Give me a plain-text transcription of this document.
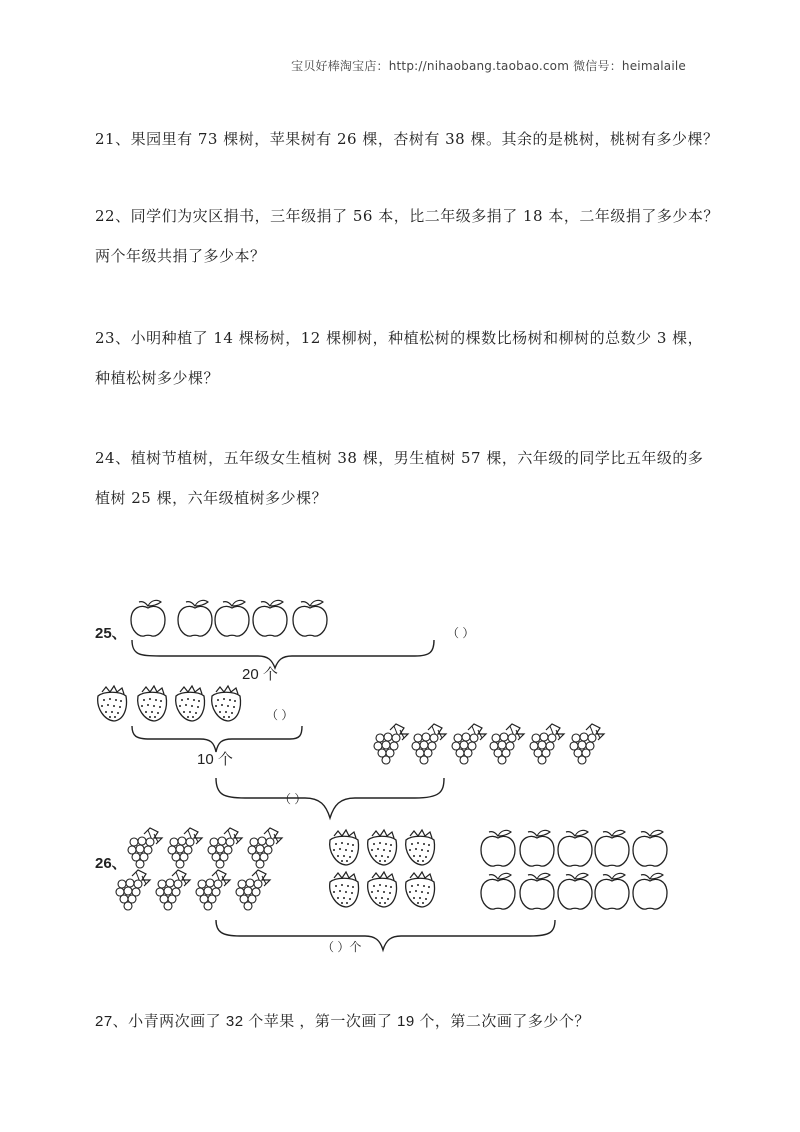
宝贝好棒淘宝店：http://nihaobang.taobao.com 微信号：heimalaile
21、果园里有 73 棵树，苹果树有 26 棵，杏树有 38 棵。其余的是桃树，桃树有多少棵？
22、同学们为灾区捐书，三年级捐了 56 本，比二年级多捐了 18 本，二年级捐了多少本？
两个年级共捐了多少本？
23、小明种植了 14 棵杨树，12 棵柳树，种植松树的棵数比杨树和柳树的总数少 3 棵，
种植松树多少棵？
24、植树节植树，五年级女生植树 38 棵，男生植树 57 棵，六年级的同学比五年级的多
植树 25 棵，六年级植树多少棵？
25、	（ ）
20 个
（ ）
10 个
（ ）
26、
（ ）个
27、小青两次画了 32 个苹果 ，第一次画了 19 个，第二次画了多少个？
